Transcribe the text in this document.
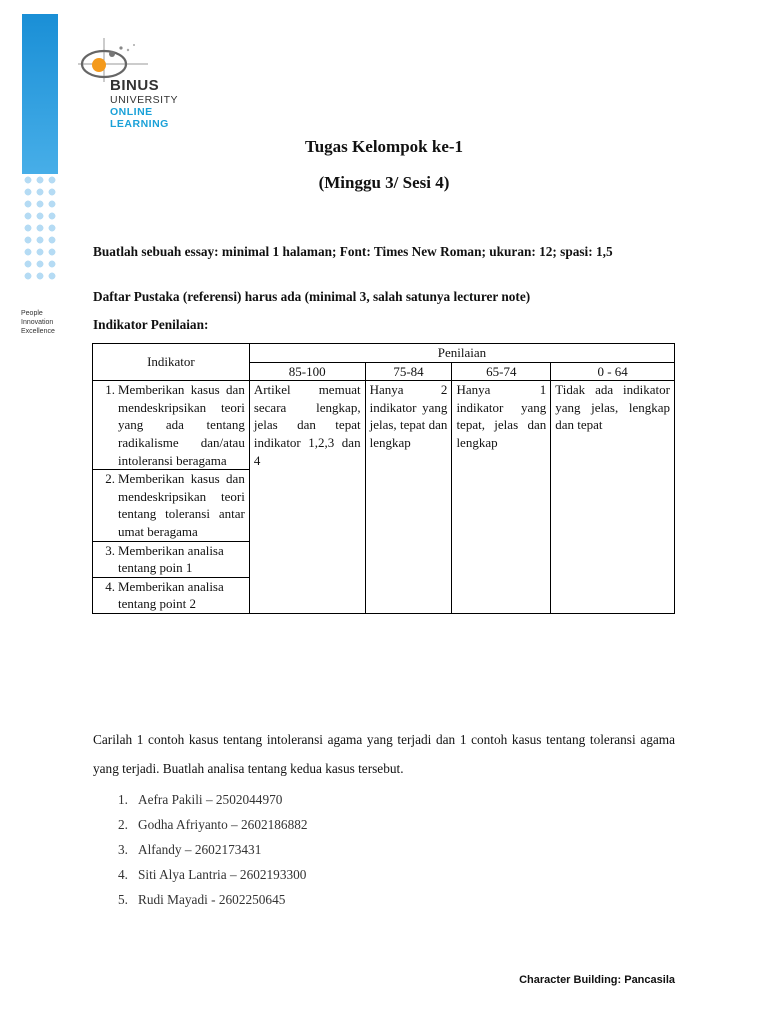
People
Innovation
Excellence
BINUS
UNIVERSITY
ONLINE
LEARNING
Tugas Kelompok ke-1
(Minggu 3/ Sesi 4)
Buatlah sebuah essay: minimal 1 halaman; Font: Times New Roman; ukuran: 12; spasi: 1,5
Daftar Pustaka (referensi) harus ada (minimal 3, salah satunya lecturer note)
Indikator Penilaian:
Indikator	Penilaian			
	85-100	75-84	65-74	0 - 64

1. Memberikan kasus dan mendeskripsikan teori yang ada tentang radikalisme dan/atau intoleransi beragama	Artikel memuat secara lengkap, jelas dan tepat indikator 1,2,3 dan 4	Hanya 2 indikator yang jelas, tepat dan lengkap	Hanya 1 indikator yang tepat, jelas dan lengkap	Tidak ada indikator yang jelas, lengkap dan tepat

2. Memberikan kasus dan mendeskripsikan teori tentang toleransi antar umat beragama				

3. Memberikan analisa tentang poin 1				

4. Memberikan analisa tentang point 2				
Carilah 1 contoh kasus tentang intoleransi agama yang terjadi dan 1 contoh kasus tentang toleransi agama yang terjadi. Buatlah analisa tentang kedua kasus tersebut.
1. Aefra Pakili – 2502044970
2. Godha Afriyanto – 2602186882
3. Alfandy – 2602173431
4. Siti Alya Lantria – 2602193300
5. Rudi Mayadi - 2602250645
Character Building: Pancasila
